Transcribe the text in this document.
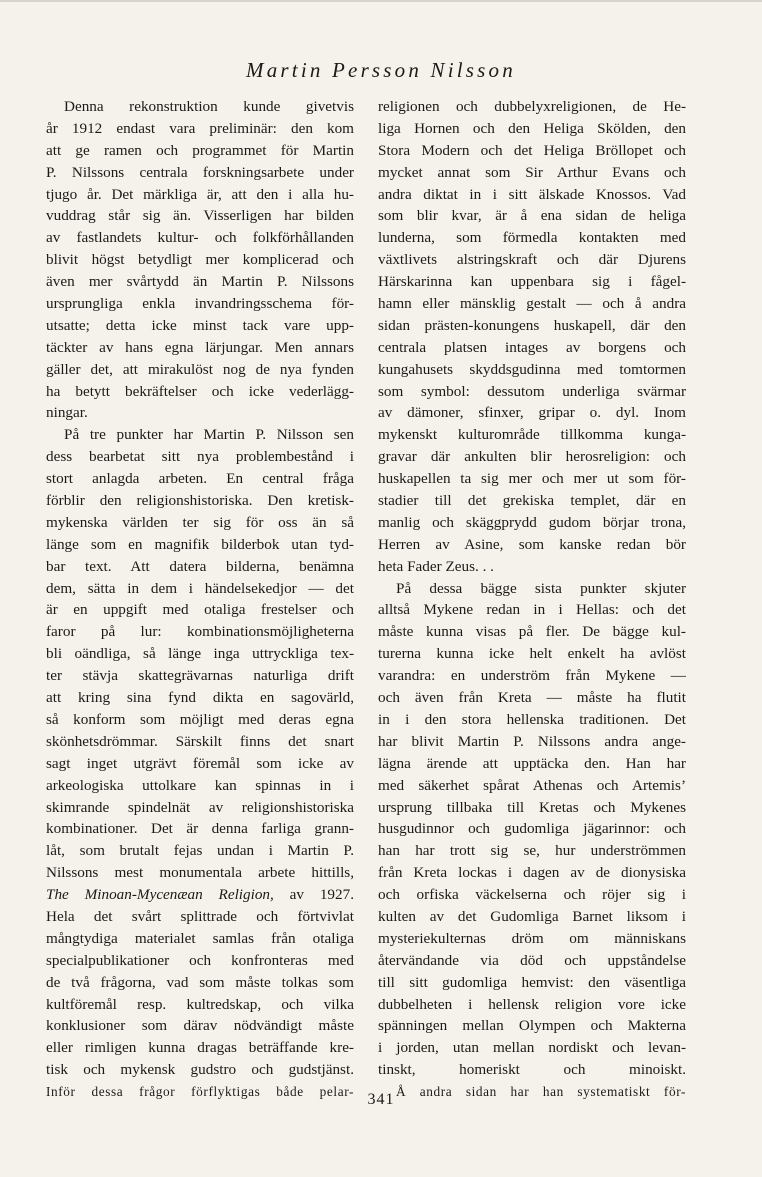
Martin Persson Nilsson
Denna rekonstruktion kunde givetvis
år 1912 endast vara preliminär: den kom
att ge ramen och programmet för Martin
P. Nilssons centrala forskningsarbete under
tjugo år. Det märkliga är, att den i alla hu-
vuddrag står sig än. Visserligen har bilden
av fastlandets kultur- och folkförhållanden
blivit högst betydligt mer komplicerad och
även mer svårtydd än Martin P. Nilssons
ursprungliga enkla invandringsschema för-
utsatte; detta icke minst tack vare upp-
täckter av hans egna lärjungar. Men annars
gäller det, att mirakulöst nog de nya fynden
ha betytt bekräftelser och icke vederlägg-
ningar.
På tre punkter har Martin P. Nilsson sen
dess bearbetat sitt nya problembestånd i
stort anlagda arbeten. En central fråga
förblir den religionshistoriska. Den kretisk-
mykenska världen ter sig för oss än så
länge som en magnifik bilderbok utan tyd-
bar text. Att datera bilderna, benämna
dem, sätta in dem i händelsekedjor — det
är en uppgift med otaliga frestelser och
faror på lur: kombinationsmöjligheterna
bli oändliga, så länge inga uttryckliga tex-
ter stävja skattegrävarnas naturliga drift
att kring sina fynd dikta en sagovärld,
så konform som möjligt med deras egna
skönhetsdrömmar. Särskilt finns det snart
sagt inget utgrävt föremål som icke av
arkeologiska uttolkare kan spinnas in i
skimrande spindelnät av religionshistoriska
kombinationer. Det är denna farliga grann-
låt, som brutalt fejas undan i Martin P.
Nilssons mest monumentala arbete hittills,
The Minoan-Mycenæan Religion, av 1927.
Hela det svårt splittrade och förtvivlat
mångtydiga materialet samlas från otaliga
specialpublikationer och konfronteras med
de två frågorna, vad som måste tolkas som
kultföremål resp. kultredskap, och vilka
konklusioner som därav nödvändigt måste
eller rimligen kunna dragas beträffande kre-
tisk och mykensk gudstro och gudstjänst.
Inför dessa frågor förflyktigas både pelar-
religionen och dubbelyxreligionen, de He-
liga Hornen och den Heliga Skölden, den
Stora Modern och det Heliga Bröllopet och
mycket annat som Sir Arthur Evans och
andra diktat in i sitt älskade Knossos. Vad
som blir kvar, är å ena sidan de heliga
lunderna, som förmedla kontakten med
växtlivets alstringskraft och där Djurens
Härskarinna kan uppenbara sig i fågel-
hamn eller mänsklig gestalt — och å andra
sidan prästen-konungens huskapell, där den
centrala platsen intages av borgens och
kungahusets skyddsgudinna med tomtormen
som symbol: dessutom underliga svärmar
av dämoner, sfinxer, gripar o. dyl. Inom
mykenskt kulturområde tillkomma kunga-
gravar där ankulten blir herosreligion: och
huskapellen ta sig mer och mer ut som för-
stadier till det grekiska templet, där en
manlig och skäggprydd gudom börjar trona,
Herren av Asine, som kanske redan bör
heta Fader Zeus. . .
På dessa bägge sista punkter skjuter
alltså Mykene redan in i Hellas: och det
måste kunna visas på fler. De bägge kul-
turerna kunna icke helt enkelt ha avlöst
varandra: en underström från Mykene —
och även från Kreta — måste ha flutit
in i den stora hellenska traditionen. Det
har blivit Martin P. Nilssons andra ange-
lägna ärende att upptäcka den. Han har
med säkerhet spårat Athenas och Artemis’
ursprung tillbaka till Kretas och Mykenes
husgudinnor och gudomliga jägarinnor: och
han har trott sig se, hur underströmmen
från Kreta lockas i dagen av de dionysiska
och orfiska väckelserna och röjer sig i
kulten av det Gudomliga Barnet liksom i
mysteriekulternas dröm om människans
återvändande via död och uppståndelse
till sitt gudomliga hemvist: den väsentliga
dubbelheten i hellensk religion vore icke
spänningen mellan Olympen och Makterna
i jorden, utan mellan nordiskt och levan-
tinskt, homeriskt och minoiskt.
Å andra sidan har han systematiskt för-
341
